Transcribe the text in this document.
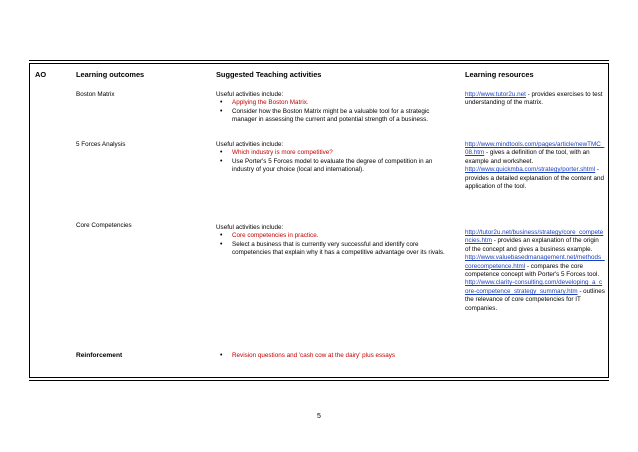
AO	Learning outcomes	Suggested Teaching activities	Learning resources
Boston Matrix	Useful activities include:

• Applying the Boston Matrix.
• Consider how the Boston Matrix might be a valuable tool for a strategic manager in assessing the current and potential strength of a business.
http://www.tutor2u.net - provides exercises to test understanding of the matrix.
5 Forces Analysis	Useful activities include:

• Which industry is more competitive?
• Use Porter's 5 Forces model to evaluate the degree of competition in an industry of your choice (local and international).
http://www.mindtools.com/pages/article/newTMC_08.htm - gives a definition of the tool, with an example and worksheet.
http://www.quickmba.com/strategy/porter.shtml - provides a detailed explanation of the content and application of the tool.
Core Competencies	Useful activities include:

• Core competencies in practice.
• Select a business that is currently very successful and identify core competencies that explain why it has a competitive advantage over its rivals.
http://tutor2u.net/business/strategy/core_competencies.htm - provides an explanation of the origin of the concept and gives a business example.
http://www.valuebasedmanagement.net/methods_corecompetence.html - compares the core competence concept with Porter's 5 Forces tool.
http://www.clarity-consulting.com/developing_a_core-competence_strategy_summary.htm - outlines the relevance of core competencies for IT companies.
Reinforcement
•	Revision questions and 'cash cow at the dairy' plus essays
5
